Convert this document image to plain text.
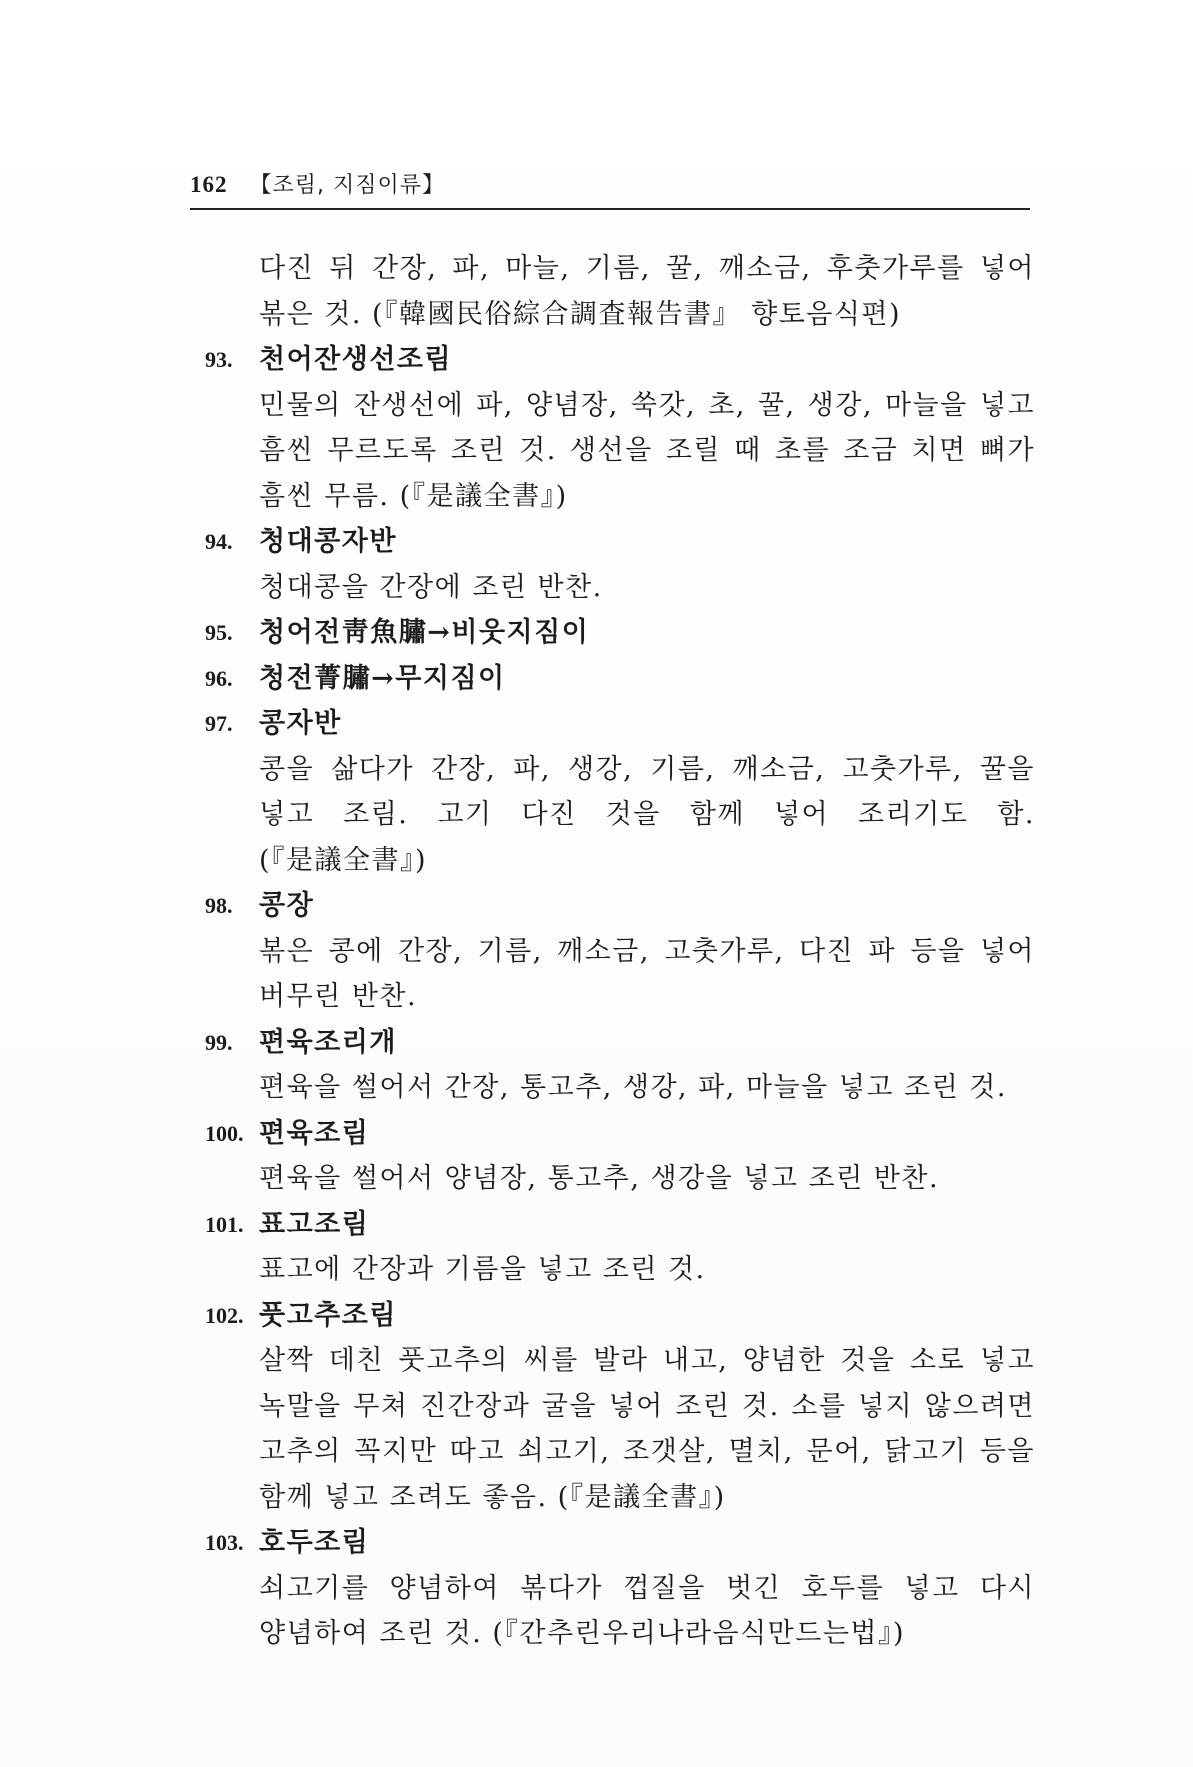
162 【조림, 지짐이류】

다진 뒤 간장, 파, 마늘, 기름, 꿀, 깨소금, 후춧가루를 넣어 볶은 것. (『韓國民俗綜合調査報告書』 향토음식편)

93. 천어잔생선조림

민물의 잔생선에 파, 양념장, 쑥갓, 초, 꿀, 생강, 마늘을 넣고 흠씬 무르도록 조린 것. 생선을 조릴 때 초를 조금 치면 뼈가 흠씬 무름. (『是議全書』)

94. 청대콩자반

청대콩을 간장에 조린 반찬.

95. 청어전靑魚䐹→비웃지짐이
96. 청전菁䐹→무지짐이
97. 콩자반

콩을 삶다가 간장, 파, 생강, 기름, 깨소금, 고춧가루, 꿀을 넣고 조림. 고기 다진 것을 함께 넣어 조리기도 함. (『是議全書』)

98. 콩장

볶은 콩에 간장, 기름, 깨소금, 고춧가루, 다진 파 등을 넣어 버무린 반찬.

99. 편육조리개

편육을 썰어서 간장, 통고추, 생강, 파, 마늘을 넣고 조린 것.

100. 편육조림

편육을 썰어서 양념장, 통고추, 생강을 넣고 조린 반찬.

101. 표고조림

표고에 간장과 기름을 넣고 조린 것.

102. 풋고추조림

살짝 데친 풋고추의 씨를 발라 내고, 양념한 것을 소로 넣고 녹말을 무쳐 진간장과 굴을 넣어 조린 것. 소를 넣지 않으려면 고추의 꼭지만 따고 쇠고기, 조갯살, 멸치, 문어, 닭고기 등을 함께 넣고 조려도 좋음. (『是議全書』)

103. 호두조림

쇠고기를 양념하여 볶다가 껍질을 벗긴 호두를 넣고 다시 양념하여 조린 것. (『간추린우리나라음식만드는법』)
